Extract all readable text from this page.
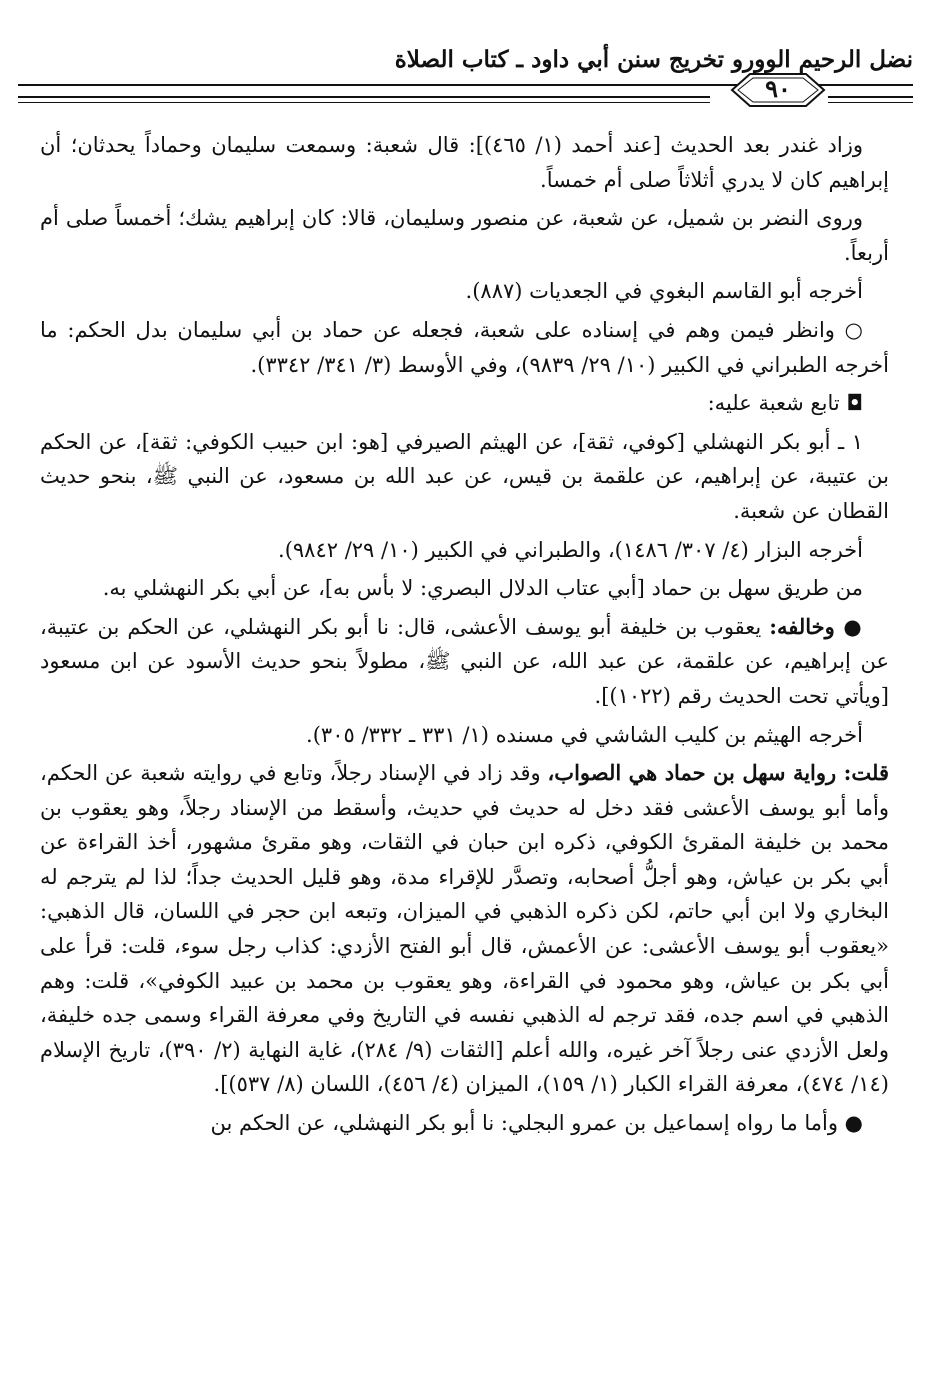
نضل الرحيم الوورو تخريج سنن أبي داود ـ كتاب الصلاة
٩٠

وزاد غندر بعد الحديث [عند أحمد (١/ ٤٦٥)]: قال شعبة: وسمعت سليمان وحماداً يحدثان؛ أن إبراهيم كان لا يدري أثلاثاً صلى أم خمساً.

وروى النضر بن شميل، عن شعبة، عن منصور وسليمان، قالا: كان إبراهيم يشك؛ أخمساً صلى أم أربعاً.

أخرجه أبو القاسم البغوي في الجعديات (٨٨٧).

○ وانظر فيمن وهم في إسناده على شعبة، فجعله عن حماد بن أبي سليمان بدل الحكم: ما أخرجه الطبراني في الكبير (١٠/ ٢٩/ ٩٨٣٩)، وفي الأوسط (٣/ ٣٤١/ ٣٣٤٢).

◘ تابع شعبة عليه:

١ ـ أبو بكر النهشلي [كوفي، ثقة]، عن الهيثم الصيرفي [هو: ابن حبيب الكوفي: ثقة]، عن الحكم بن عتيبة، عن إبراهيم، عن علقمة بن قيس، عن عبد الله بن مسعود، عن النبي ﷺ، بنحو حديث القطان عن شعبة.

أخرجه البزار (٤/ ٣٠٧/ ١٤٨٦)، والطبراني في الكبير (١٠/ ٢٩/ ٩٨٤٢).

من طريق سهل بن حماد [أبي عتاب الدلال البصري: لا بأس به]، عن أبي بكر النهشلي به.

● وخالفه: يعقوب بن خليفة أبو يوسف الأعشى، قال: نا أبو بكر النهشلي، عن الحكم بن عتيبة، عن إبراهيم، عن علقمة، عن عبد الله، عن النبي ﷺ، مطولاً بنحو حديث الأسود عن ابن مسعود [ويأتي تحت الحديث رقم (١٠٢٢)].

أخرجه الهيثم بن كليب الشاشي في مسنده (١/ ٣٣١ ـ ٣٣٢/ ٣٠٥).

قلت: رواية سهل بن حماد هي الصواب، وقد زاد في الإسناد رجلاً، وتابع في روايته شعبة عن الحكم، وأما أبو يوسف الأعشى فقد دخل له حديث في حديث، وأسقط من الإسناد رجلاً، وهو يعقوب بن محمد بن خليفة المقرئ الكوفي، ذكره ابن حبان في الثقات، وهو مقرئ مشهور، أخذ القراءة عن أبي بكر بن عياش، وهو أجلُّ أصحابه، وتصدَّر للإقراء مدة، وهو قليل الحديث جداً؛ لذا لم يترجم له البخاري ولا ابن أبي حاتم، لكن ذكره الذهبي في الميزان، وتبعه ابن حجر في اللسان، قال الذهبي: «يعقوب أبو يوسف الأعشى: عن الأعمش، قال أبو الفتح الأزدي: كذاب رجل سوء، قلت: قرأ على أبي بكر بن عياش، وهو محمود في القراءة، وهو يعقوب بن محمد بن عبيد الكوفي»، قلت: وهم الذهبي في اسم جده، فقد ترجم له الذهبي نفسه في التاريخ وفي معرفة القراء وسمى جده خليفة، ولعل الأزدي عنى رجلاً آخر غيره، والله أعلم [الثقات (٩/ ٢٨٤)، غاية النهاية (٢/ ٣٩٠)، تاريخ الإسلام (١٤/ ٤٧٤)، معرفة القراء الكبار (١/ ١٥٩)، الميزان (٤/ ٤٥٦)، اللسان (٨/ ٥٣٧)].

● وأما ما رواه إسماعيل بن عمرو البجلي: نا أبو بكر النهشلي، عن الحكم بن
